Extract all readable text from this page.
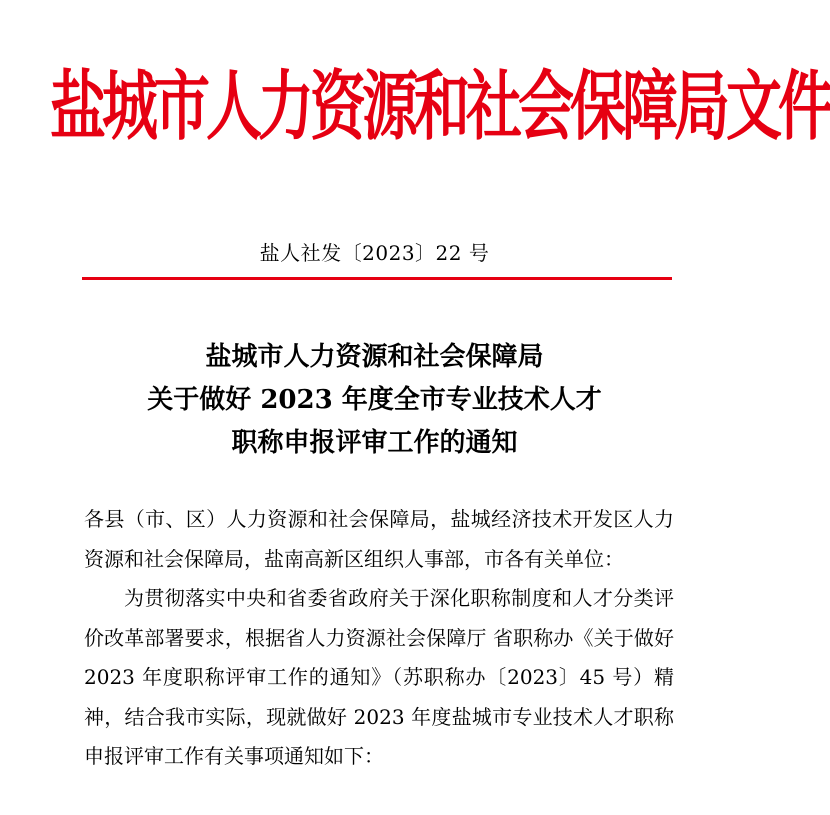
盐城市人力资源和社会保障局文件
盐人社发〔2023〕22 号
盐城市人力资源和社会保障局
关于做好 2023 年度全市专业技术人才
职称申报评审工作的通知

各县（市、区）人力资源和社会保障局，盐城经济技术开发区人力资源和社会保障局，盐南高新区组织人事部，市各有关单位：

为贯彻落实中央和省委省政府关于深化职称制度和人才分类评价改革部署要求，根据省人力资源社会保障厅 省职称办《关于做好 2023 年度职称评审工作的通知》（苏职称办〔2023〕45 号）精神，结合我市实际，现就做好 2023 年度盐城市专业技术人才职称申报评审工作有关事项通知如下：
